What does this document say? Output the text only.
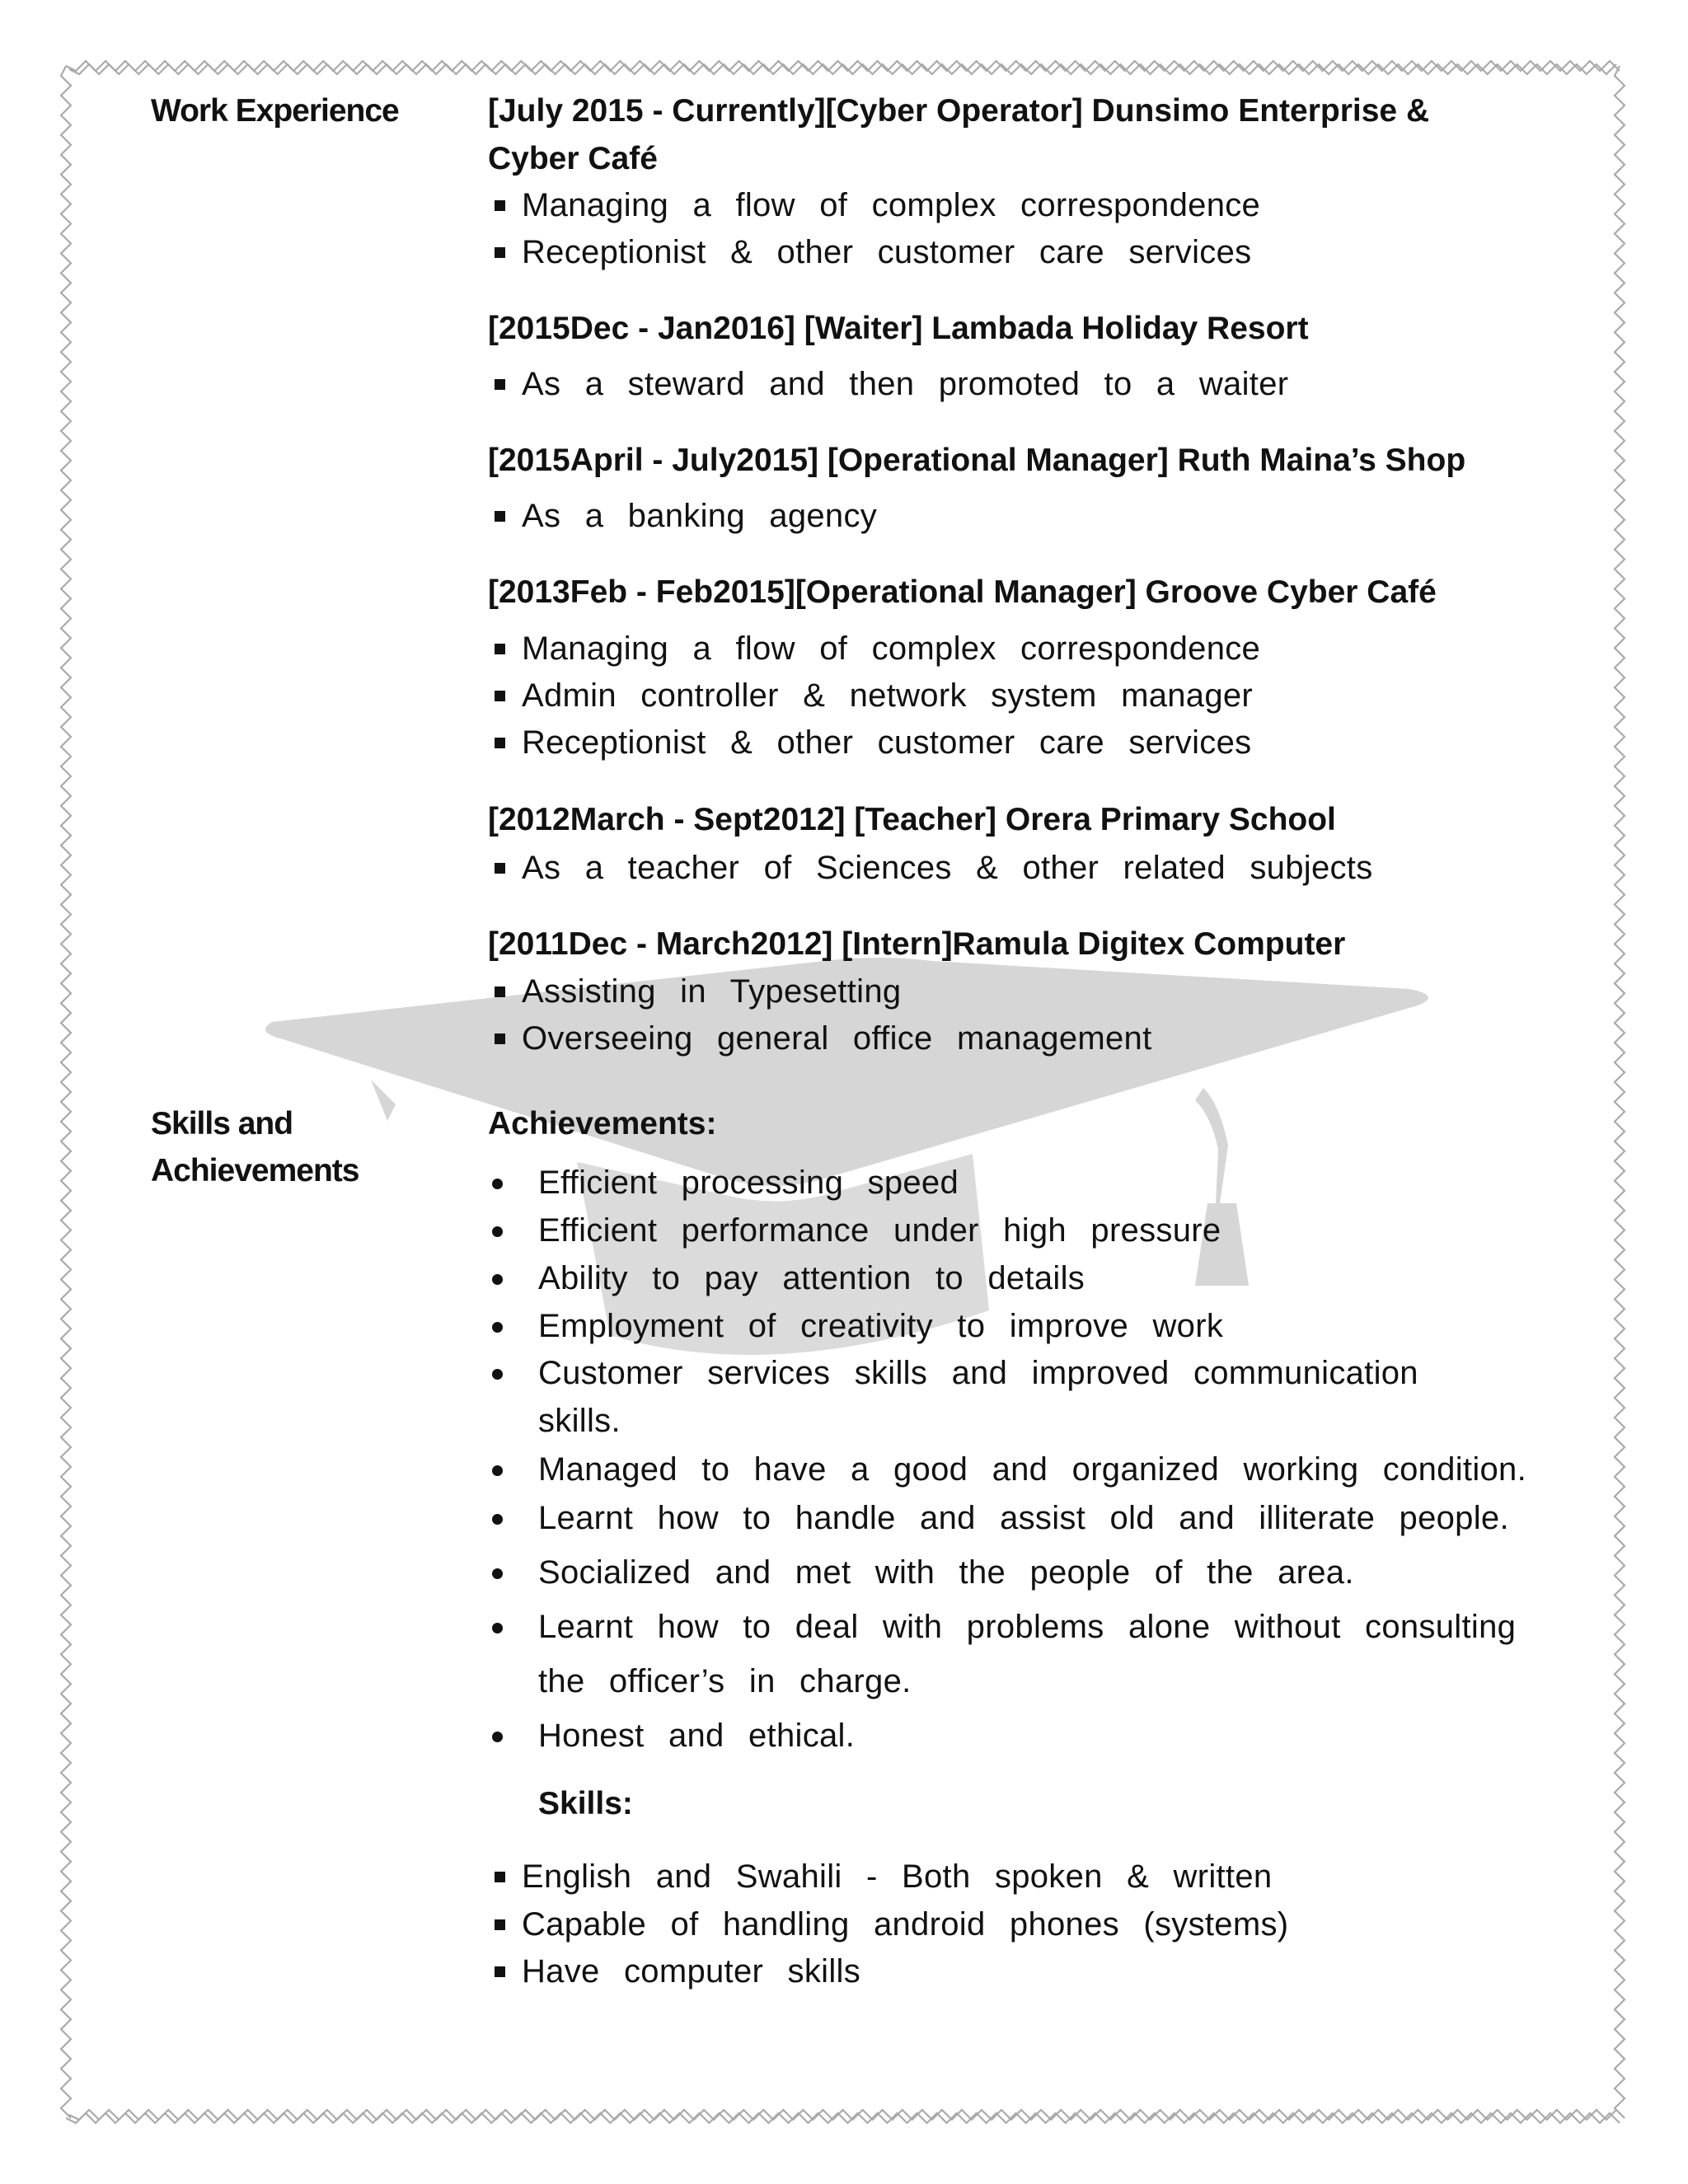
Work Experience	[July 2015 - Currently][Cyber Operator] Dunsimo Enterprise &
Cyber Café
Managing a flow of complex correspondence
Receptionist & other customer care services
[2015Dec - Jan2016] [Waiter] Lambada Holiday Resort
As a steward and then promoted to a waiter
[2015April - July2015] [Operational Manager] Ruth Maina’s Shop
As a banking agency
[2013Feb - Feb2015][Operational Manager] Groove Cyber Café
Managing a flow of complex correspondence
Admin controller & network system manager
Receptionist & other customer care services
[2012March - Sept2012] [Teacher] Orera Primary School
As a teacher of Sciences & other related subjects
[2011Dec - March2012] [Intern]Ramula Digitex Computer
Assisting in Typesetting
Overseeing general office management
Skills and
Achievements
Achievements:
Efficient processing speed
Efficient performance under high pressure
Ability to pay attention to details
Employment of creativity to improve work
Customer services skills and improved communication
skills.
Managed to have a good and organized working condition.
Learnt how to handle and assist old and illiterate people.
Socialized and met with the people of the area.
Learnt how to deal with problems alone without consulting
the officer’s in charge.
Honest and ethical.
Skills:
English and Swahili - Both spoken & written
Capable of handling android phones (systems)
Have computer skills
